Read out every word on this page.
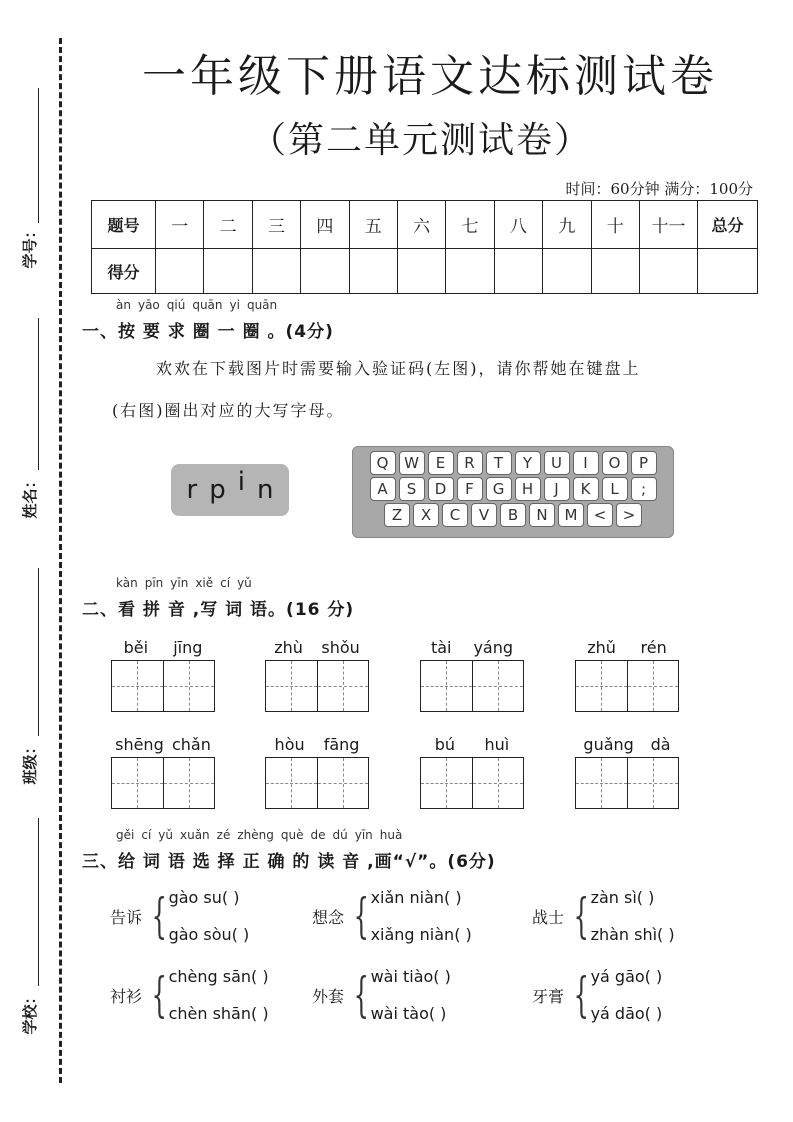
学号：
姓名：
班级：
学校：
一年级下册语文达标测试卷
（第二单元测试卷）
时间：60分钟 满分：100分
题号	一	二	三	四	五	六	七	八	九	十	十一	总分
得分												
àn yāo qiú quān yi quān
一、按 要 求 圈 一 圈 。(4分)
欢欢在下载图片时需要输入验证码(左图)，请你帮她在键盘上
(右图)圈出对应的大写字母。
r p i n
Q	W	E	R	T	Y	U	I	O	P
A	S	D	F	G	H	J	K	L	;
Z	X	C	V	B	N	M	<	>
kàn pīn yīn xiě cí yǔ
二、看 拼 音 ,写 词 语。(16 分)
běi jīng	zhù shǒu	tài yáng	zhǔ rén
shēng chǎn	hòu fāng	bú huì	guǎng dà
gěi cí yǔ xuǎn zé zhèng què de dú yīn huà
三、给 词 语 选 择 正 确 的 读 音 ,画“√”。(6分)
告诉 { gào su( )
gào sòu( )
想念 { xiǎn niàn( )
xiǎng niàn( )
战士 { zàn sì( )
zhàn shì( )
衬衫 { chèng sān( )
chèn shān( )
外套 { wài tiào( )
wài tào( )
牙膏 { yá gāo( )
yá dāo( )
